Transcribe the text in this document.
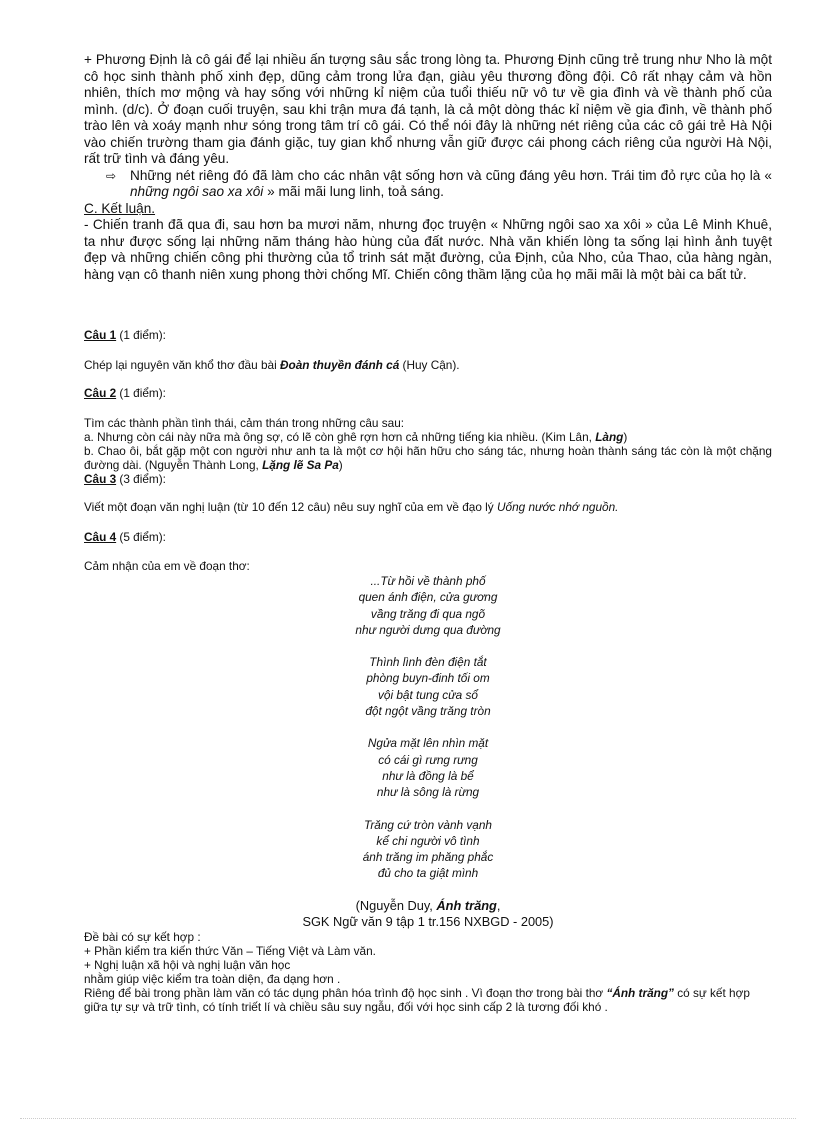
+ Phương Định là cô gái để lại nhiều ấn tượng sâu sắc trong lòng ta. Phương Định cũng trẻ trung như Nho là một cô học sinh thành phố xinh đẹp, dũng cảm trong lửa đạn, giàu yêu thương đồng đội. Cô rất nhạy cảm và hồn nhiên, thích mơ mộng và hay sống với những kỉ niệm của tuổi thiếu nữ vô tư về gia đình và về thành phố của mình. (d/c). Ở đoạn cuối truyện, sau khi trận mưa đá tạnh, là cả một dòng thác kỉ niệm về gia đình, về thành phố trào lên và xoáy mạnh như sóng trong tâm trí cô gái. Có thể nói đây là những nét riêng của các cô gái trẻ Hà Nội vào chiến trường tham gia đánh giặc, tuy gian khổ nhưng vẫn giữ được cái phong cách riêng của người Hà Nội, rất trữ tình và đáng yêu.

⇨	Những nét riêng đó đã làm cho các nhân vật sống hơn và cũng đáng yêu hơn. Trái tim đỏ rực của họ là « những ngôi sao xa xôi » mãi mãi lung linh, toả sáng.

C. Kết luận.

- Chiến tranh đã qua đi, sau hơn ba mươi năm, nhưng đọc truyện « Những ngôi sao xa xôi » của Lê Minh Khuê, ta như được sống lại những năm tháng hào hùng của đất nước. Nhà văn khiến lòng ta sống lại hình ảnh tuyệt đẹp và những chiến công phi thường của tổ trinh sát mặt đường, của Định, của Nho, của Thao, của hàng ngàn, hàng vạn cô thanh niên xung phong thời chống Mĩ. Chiến công thầm lặng của họ mãi mãi là một bài ca bất tử.

Câu 1 (1 điểm):

Chép lại nguyên văn khổ thơ đầu bài Đoàn thuyền đánh cá (Huy Cận).

Câu 2 (1 điểm):

Tìm các thành phần tình thái, cảm thán trong những câu sau:

a. Nhưng còn cái này nữa mà ông sợ, có lẽ còn ghê rợn hơn cả những tiếng kia nhiều. (Kim Lân, Làng)

b. Chao ôi, bắt gặp một con người như anh ta là một cơ hội hãn hữu cho sáng tác, nhưng hoàn thành sáng tác còn là một chặng đường dài. (Nguyễn Thành Long, Lặng lẽ Sa Pa)

Câu 3 (3 điểm):

Viết một đoạn văn nghị luận (từ 10 đến 12 câu) nêu suy nghĩ của em về đạo lý Uống nước nhớ nguồn.

Câu 4 (5 điểm):

Cảm nhận của em về đoạn thơ:

...Từ hồi về thành phố
quen ánh điện, cửa gương
vầng trăng đi qua ngõ
như người dưng qua đường
Thình lình đèn điện tắt
phòng buyn-đinh tối om
vội bật tung cửa sổ
đột ngột vầng trăng tròn
Ngửa mặt lên nhìn mặt
có cái gì rưng rưng
như là đồng là bể
như là sông là rừng
Trăng cứ tròn vành vạnh
kể chi người vô tình
ánh trăng im phăng phắc
đủ cho ta giật mình
(Nguyễn Duy, Ánh trăng,
SGK Ngữ văn 9 tập 1 tr.156 NXBGD - 2005)

Đề bài có sự kết hợp :

+ Phần kiểm tra kiến thức Văn – Tiếng Việt và Làm văn.

+ Nghị luận xã hội và nghị luận văn học

nhằm giúp việc kiểm tra toàn diện, đa dạng hơn .

Riêng để bài trong phần làm văn có tác dụng phân hóa trình độ học sinh . Vì đoạn thơ trong bài thơ “Ánh trăng” có sự kết hợp giữa tự sự và trữ tình, có tính triết lí và chiều sâu suy ngẫu, đối với học sinh cấp 2 là tương đối khó .
